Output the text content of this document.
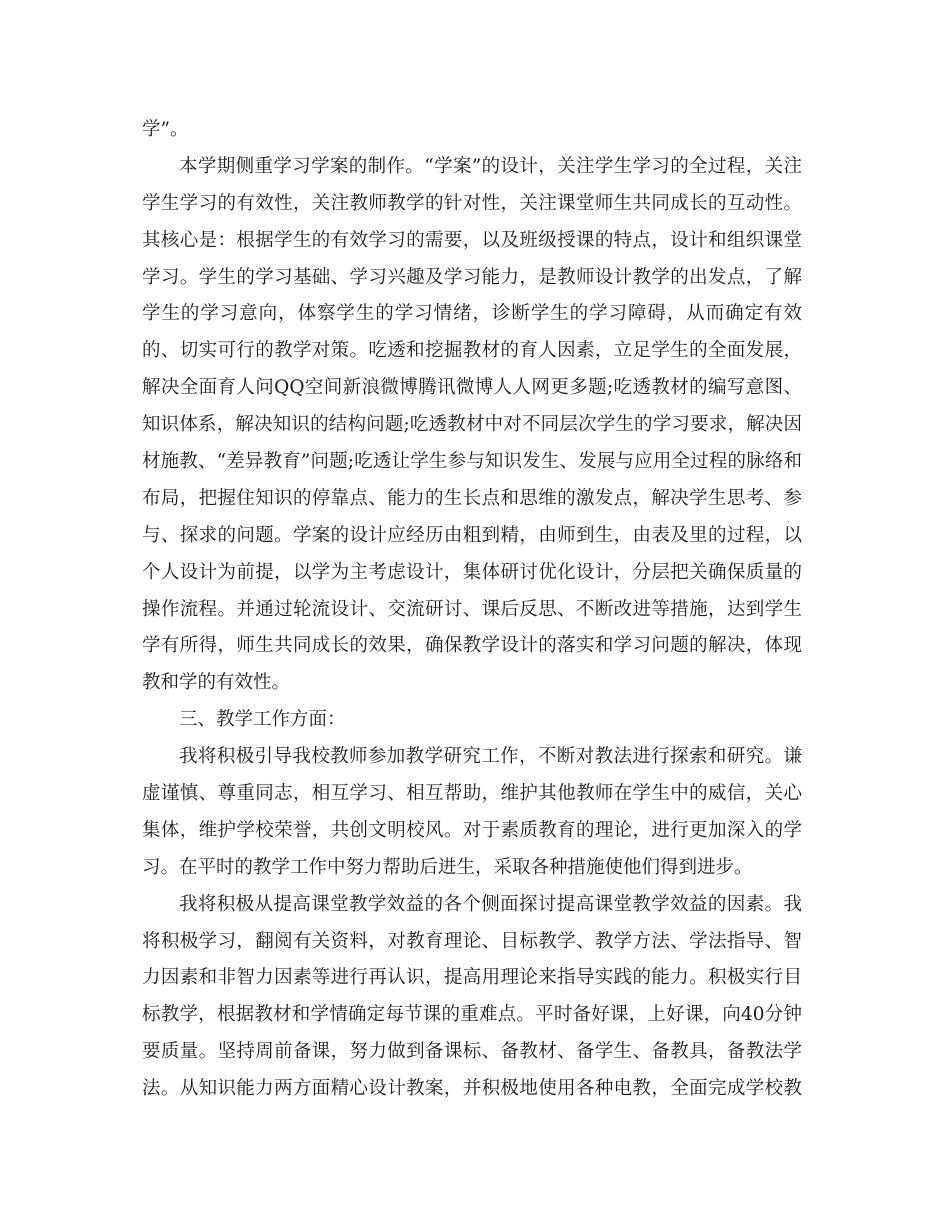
学”。
本学期侧重学习学案的制作。“学案”的设计，关注学生学习的全过程，关注
学生学习的有效性，关注教师教学的针对性，关注课堂师生共同成长的互动性。
其核心是：根据学生的有效学习的需要，以及班级授课的特点，设计和组织课堂
学习。学生的学习基础、学习兴趣及学习能力，是教师设计教学的出发点，了解
学生的学习意向，体察学生的学习情绪，诊断学生的学习障碍，从而确定有效
的、切实可行的教学对策。吃透和挖掘教材的育人因素，立足学生的全面发展，
解决全面育人问QQ空间新浪微博腾讯微博人人网更多题;吃透教材的编写意图、
知识体系，解决知识的结构问题;吃透教材中对不同层次学生的学习要求，解决因
材施教、“差异教育”问题;吃透让学生参与知识发生、发展与应用全过程的脉络和
布局，把握住知识的停靠点、能力的生长点和思维的激发点，解决学生思考、参
与、探求的问题。学案的设计应经历由粗到精，由师到生，由表及里的过程，以
个人设计为前提，以学为主考虑设计，集体研讨优化设计，分层把关确保质量的
操作流程。并通过轮流设计、交流研讨、课后反思、不断改进等措施，达到学生
学有所得，师生共同成长的效果，确保教学设计的落实和学习问题的解决，体现
教和学的有效性。
三、教学工作方面：
我将积极引导我校教师参加教学研究工作，不断对教法进行探索和研究。谦
虚谨慎、尊重同志，相互学习、相互帮助，维护其他教师在学生中的威信，关心
集体，维护学校荣誉，共创文明校风。对于素质教育的理论，进行更加深入的学
习。在平时的教学工作中努力帮助后进生，采取各种措施使他们得到进步。
我将积极从提高课堂教学效益的各个侧面探讨提高课堂教学效益的因素。我
将积极学习，翻阅有关资料，对教育理论、目标教学、教学方法、学法指导、智
力因素和非智力因素等进行再认识，提高用理论来指导实践的能力。积极实行目
标教学，根据教材和学情确定每节课的重难点。平时备好课，上好课，向40分钟
要质量。坚持周前备课，努力做到备课标、备教材、备学生、备教具，备教法学
法。从知识能力两方面精心设计教案，并积极地使用各种电教，全面完成学校教
